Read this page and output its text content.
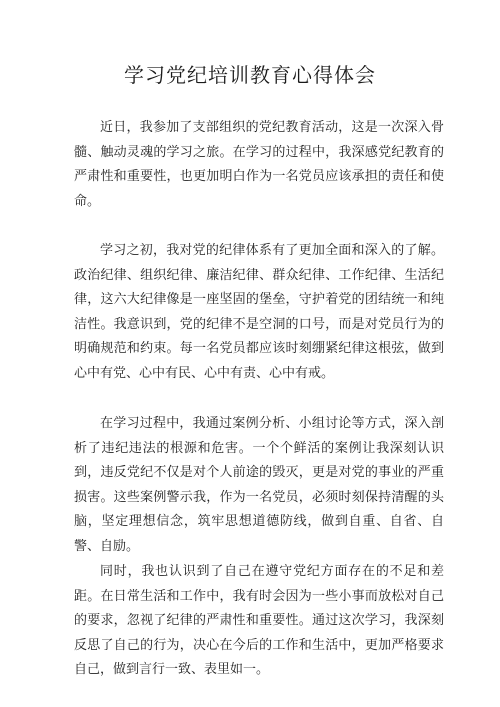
学习党纪培训教育心得体会

近日，我参加了支部组织的党纪教育活动，这是一次深入骨髓、触动灵魂的学习之旅。在学习的过程中，我深感党纪教育的严肃性和重要性，也更加明白作为一名党员应该承担的责任和使命。

学习之初，我对党的纪律体系有了更加全面和深入的了解。政治纪律、组织纪律、廉洁纪律、群众纪律、工作纪律、生活纪律，这六大纪律像是一座坚固的堡垒，守护着党的团结统一和纯洁性。我意识到，党的纪律不是空洞的口号，而是对党员行为的明确规范和约束。每一名党员都应该时刻绷紧纪律这根弦，做到心中有党、心中有民、心中有责、心中有戒。

在学习过程中，我通过案例分析、小组讨论等方式，深入剖析了违纪违法的根源和危害。一个个鲜活的案例让我深刻认识到，违反党纪不仅是对个人前途的毁灭，更是对党的事业的严重损害。这些案例警示我，作为一名党员，必须时刻保持清醒的头脑，坚定理想信念，筑牢思想道德防线，做到自重、自省、自警、自励。

同时，我也认识到了自己在遵守党纪方面存在的不足和差距。在日常生活和工作中，我有时会因为一些小事而放松对自己的要求，忽视了纪律的严肃性和重要性。通过这次学习，我深刻反思了自己的行为，决心在今后的工作和生活中，更加严格要求自己，做到言行一致、表里如一。
